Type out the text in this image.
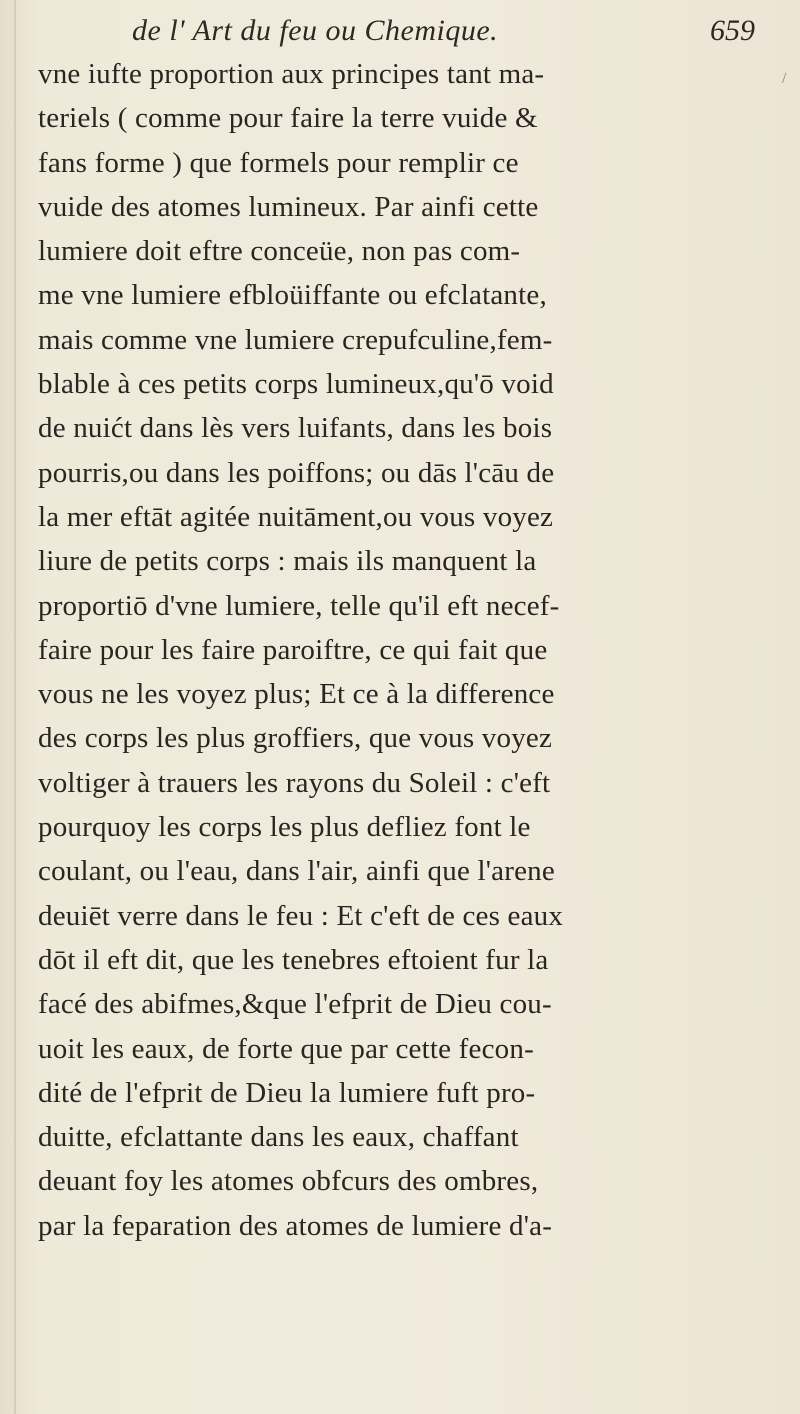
de l' Art du feu ou Chemique.	659
/
vne iufte proportion aux principes tant ma-
teriels ( comme pour faire la terre vuide &
fans forme ) que formels pour remplir ce
vuide des atomes lumineux. Par ainfi cette
lumiere doit eftre conceüe, non pas com-
me vne lumiere efbloüiffante ou efclatante,
mais comme vne lumiere crepufculine,fem-
blable à ces petits corps lumineux,qu'ō void
de nuićt dans lès vers luifants, dans les bois
pourris,ou dans les poiffons; ou dās l'cāu de
la mer eftāt agitée nuitāment,ou vous voyez
liure de petits corps : mais ils manquent la
proportiō d'vne lumiere, telle qu'il eft necef-
faire pour les faire paroiftre, ce qui fait que
vous ne les voyez plus; Et ce à la difference
des corps les plus groffiers, que vous voyez
voltiger à trauers les rayons du Soleil : c'eft
pourquoy les corps les plus defliez font le
coulant, ou l'eau, dans l'air, ainfi que l'arene
deuiēt verre dans le feu : Et c'eft de ces eaux
dōt il eft dit, que les tenebres eftoient fur la
facé des abifmes,&que l'efprit de Dieu cou-
uoit les eaux, de forte que par cette fecon-
dité de l'efprit de Dieu la lumiere fuft pro-
duitte, efclattante dans les eaux, chaffant
deuant foy les atomes obfcurs des ombres,
par la feparation des atomes de lumiere d'a-
